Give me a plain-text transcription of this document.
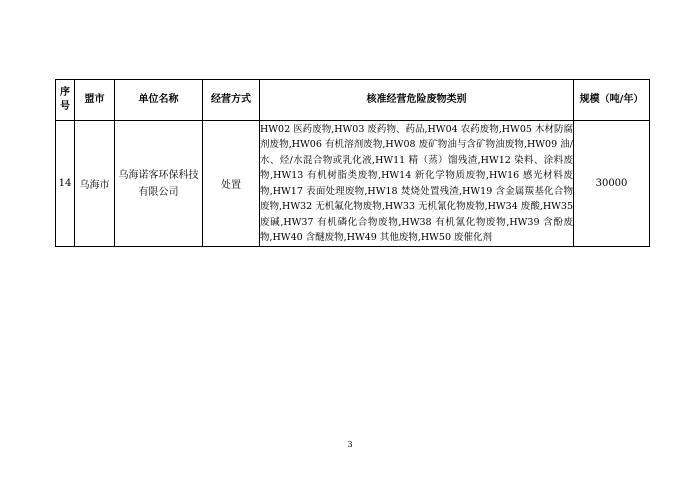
序号	盟市	单位名称	经营方式	核准经营危险废物类别	规模（吨/年）
14	乌海市	乌海诺客环保科技有限公司	处置	HW02 医药废物,HW03 废药物、药品,HW04 农药废物,HW05 木材防腐剂废物,HW06 有机溶剂废物,HW08 废矿物油与含矿物油废物,HW09 油/水、烃/水混合物或乳化液,HW11 精（蒸）馏残渣,HW12 染料、涂料废物,HW13 有机树脂类废物,HW14 新化学物质废物,HW16 感光材料废物,HW17 表面处理废物,HW18 焚烧处置残渣,HW19 含金属羰基化合物废物,HW32 无机氟化物废物,HW33 无机氰化物废物,HW34 废酸,HW35 废碱,HW37 有机磷化合物废物,HW38 有机氰化物废物,HW39 含酚废物,HW40 含醚废物,HW49 其他废物,HW50 废催化剂	30000
3
